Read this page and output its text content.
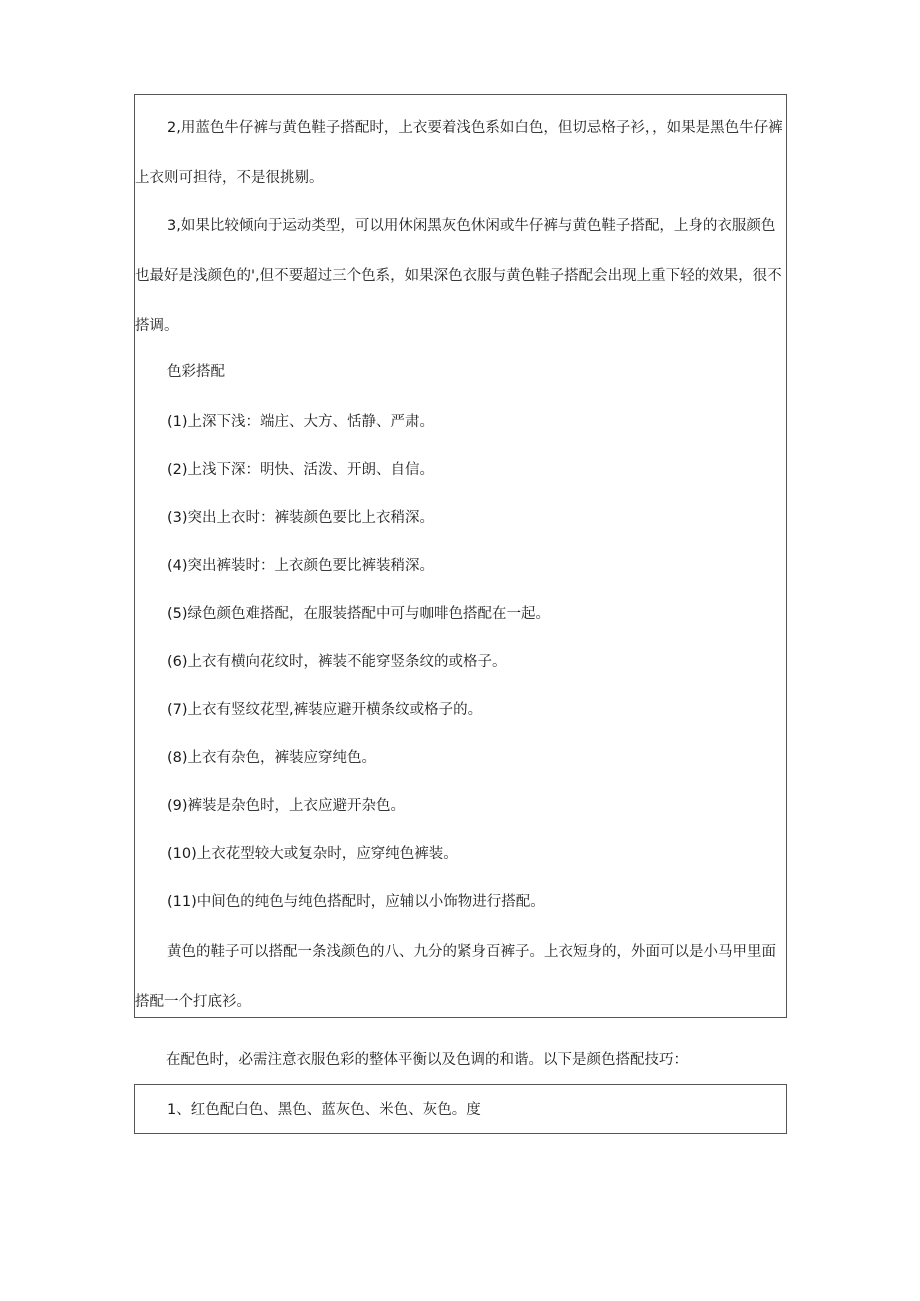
2,用蓝色牛仔裤与黄色鞋子搭配时，上衣要着浅色系如白色，但切忌格子衫，，如果是黑色牛仔裤上衣则可担待，不是很挑剔。

3,如果比较倾向于运动类型，可以用休闲黑灰色休闲或牛仔裤与黄色鞋子搭配，上身的衣服颜色也最好是浅颜色的',但不要超过三个色系，如果深色衣服与黄色鞋子搭配会出现上重下轻的效果，很不搭调。

色彩搭配

(1)上深下浅：端庄、大方、恬静、严肃。

(2)上浅下深：明快、活泼、开朗、自信。

(3)突出上衣时：裤装颜色要比上衣稍深。

(4)突出裤装时：上衣颜色要比裤装稍深。

(5)绿色颜色难搭配，在服装搭配中可与咖啡色搭配在一起。

(6)上衣有横向花纹时，裤装不能穿竖条纹的或格子。

(7)上衣有竖纹花型,裤装应避开横条纹或格子的。

(8)上衣有杂色，裤装应穿纯色。

(9)裤装是杂色时，上衣应避开杂色。

(10)上衣花型较大或复杂时，应穿纯色裤装。

(11)中间色的纯色与纯色搭配时，应辅以小饰物进行搭配。

黄色的鞋子可以搭配一条浅颜色的八、九分的紧身百裤子。上衣短身的，外面可以是小马甲里面搭配一个打底衫。

在配色时，必需注意衣服色彩的整体平衡以及色调的和谐。以下是颜色搭配技巧：

1、红色配白色、黑色、蓝灰色、米色、灰色。度
